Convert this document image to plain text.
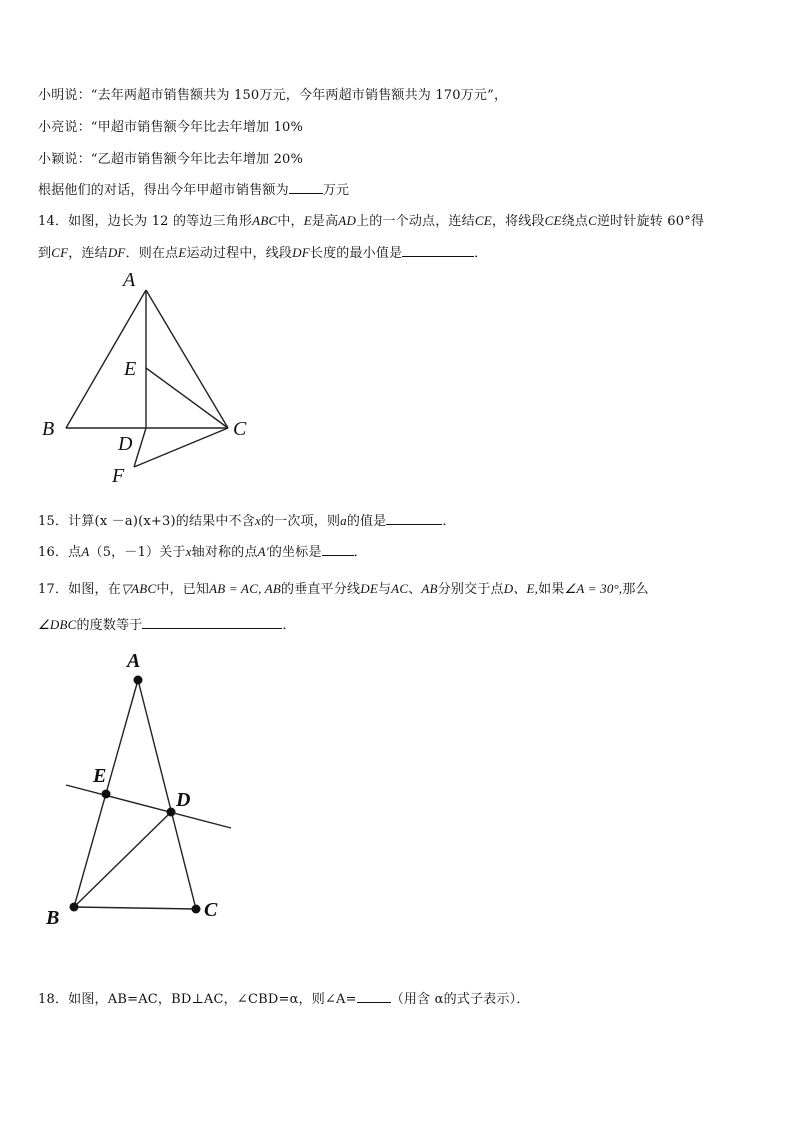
小明说：“去年两超市销售额共为 150万元，今年两超市销售额共为 170万元”，
小亮说：“甲超市销售额今年比去年增加 10%
小颖说：“乙超市销售额今年比去年增加 20%
根据他们的对话，得出今年甲超市销售额为	万元
14．如图，边长为 12 的等边三角形ABC中，E是高AD上的一个动点，连结CE，将线段CE绕点C逆时针旋转 60°得
到CF，连结DF．则在点E运动过程中，线段DF长度的最小值是	．
A
E
B	C
D
F
15．计算(x －a)(x+3)的结果中不含x的一次项，则a的值是	．
16．点A（5，－1）关于x轴对称的点A′的坐标是 ．
17．如图，在▽ABC中，已知AB = AC, AB的垂直平分线DE与AC、AB分别交于点D、E,如果∠A = 30°,那么
∠DBC的度数等于	．
A
E
D
B	C
18．如图，AB=AC，BD⊥AC，∠CBD=α，则∠A=	（用含 α的式子表示）．
